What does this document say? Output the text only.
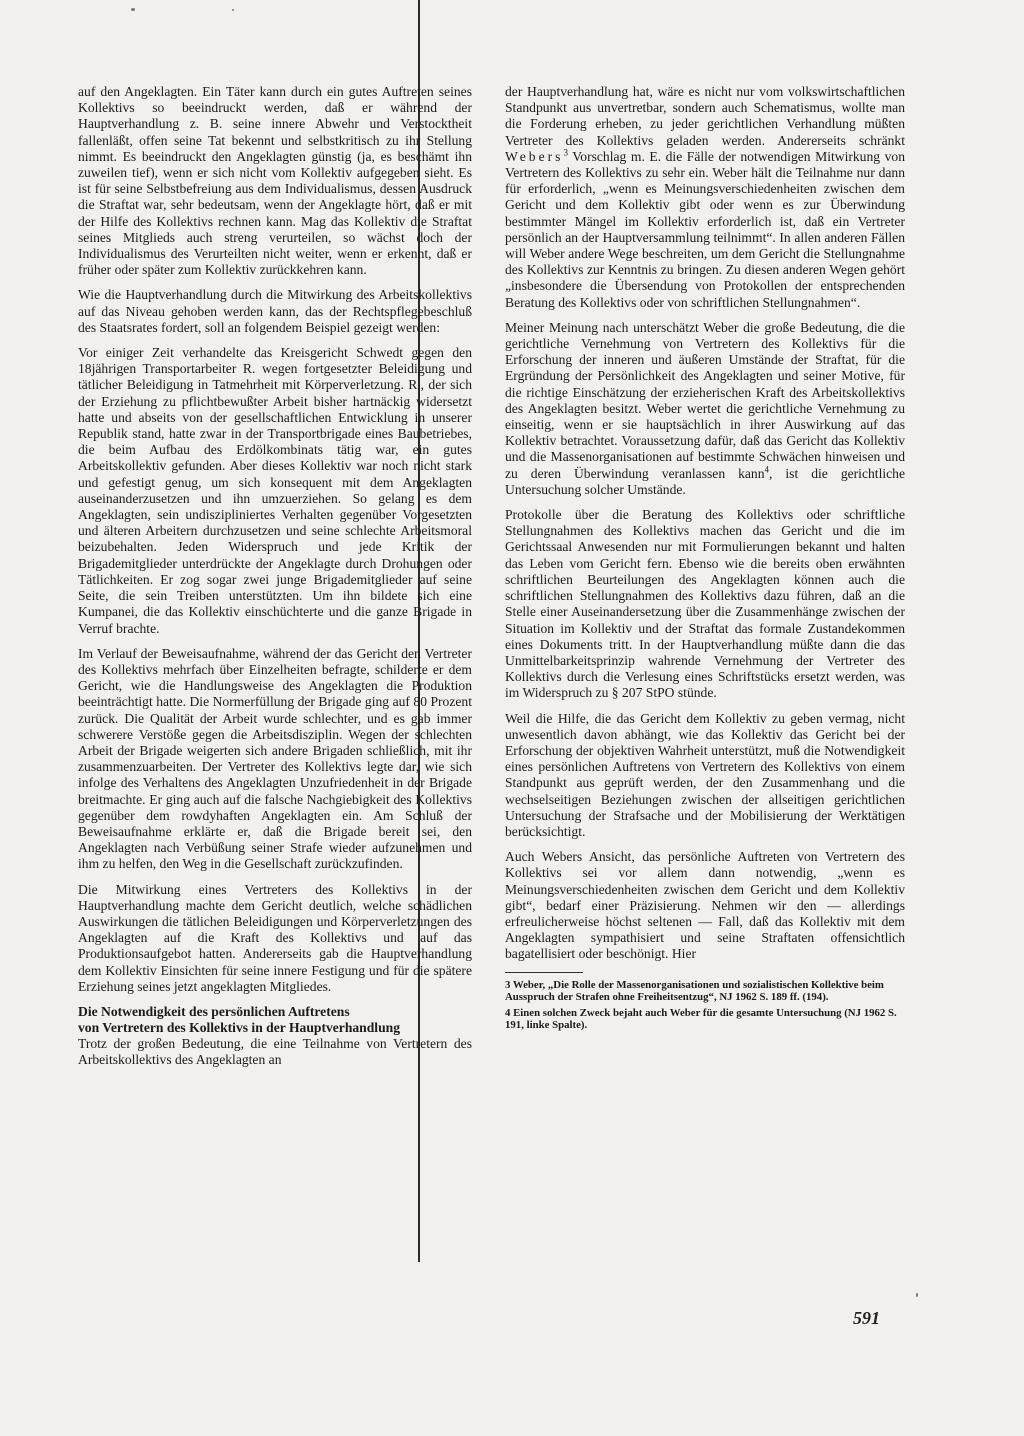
auf den Angeklagten. Ein Täter kann durch ein gutes Auftreten seines Kollektivs so beeindruckt werden, daß er während der Hauptverhandlung z. B. seine innere Abwehr und Verstocktheit fallenläßt, offen seine Tat bekennt und selbstkritisch zu ihr Stellung nimmt. Es beeindruckt den Angeklagten günstig (ja, es beschämt ihn zuweilen tief), wenn er sich nicht vom Kollektiv aufgegeben sieht. Es ist für seine Selbstbefreiung aus dem Individualismus, dessen Ausdruck die Straftat war, sehr bedeutsam, wenn der Angeklagte hört, daß er mit der Hilfe des Kollektivs rechnen kann. Mag das Kollektiv die Straftat seines Mitglieds auch streng verurteilen, so wächst doch der Individualismus des Verurteilten nicht weiter, wenn er erkennt, daß er früher oder später zum Kollektiv zurückkehren kann.

Wie die Hauptverhandlung durch die Mitwirkung des Arbeitskollektivs auf das Niveau gehoben werden kann, das der Rechtspflegebeschluß des Staatsrates fordert, soll an folgendem Beispiel gezeigt werden:

Vor einiger Zeit verhandelte das Kreisgericht Schwedt gegen den 18jährigen Transportarbeiter R. wegen fortgesetzter Beleidigung und tätlicher Beleidigung in Tatmehrheit mit Körperverletzung. R., der sich der Erziehung zu pflichtbewußter Arbeit bisher hartnäckig widersetzt hatte und abseits von der gesellschaftlichen Entwicklung in unserer Republik stand, hatte zwar in der Transportbrigade eines Baubetriebes, die beim Aufbau des Erdölkombinats tätig war, ein gutes Arbeitskollektiv gefunden. Aber dieses Kollektiv war noch nicht stark und gefestigt genug, um sich konsequent mit dem Angeklagten auseinanderzusetzen und ihn umzuerziehen. So gelang es dem Angeklagten, sein undiszipliniertes Verhalten gegenüber Vorgesetzten und älteren Arbeitern durchzusetzen und seine schlechte Arbeitsmoral beizubehalten. Jeden Widerspruch und jede Kritik der Brigademitglieder unterdrückte der Angeklagte durch Drohungen oder Tätlichkeiten. Er zog sogar zwei junge Brigademitglieder auf seine Seite, die sein Treiben unterstützten. Um ihn bildete sich eine Kumpanei, die das Kollektiv einschüchterte und die ganze Brigade in Verruf brachte.

Im Verlauf der Beweisaufnahme, während der das Gericht den Vertreter des Kollektivs mehrfach über Einzelheiten befragte, schilderte er dem Gericht, wie die Handlungsweise des Angeklagten die Produktion beeinträchtigt hatte. Die Normerfüllung der Brigade ging auf 80 Prozent zurück. Die Qualität der Arbeit wurde schlechter, und es gab immer schwerere Verstöße gegen die Arbeitsdisziplin. Wegen der schlechten Arbeit der Brigade weigerten sich andere Brigaden schließlich, mit ihr zusammenzuarbeiten. Der Vertreter des Kollektivs legte dar, wie sich infolge des Verhaltens des Angeklagten Unzufriedenheit in der Brigade breitmachte. Er ging auch auf die falsche Nachgiebigkeit des Kollektivs gegenüber dem rowdyhaften Angeklagten ein. Am Schluß der Beweisaufnahme erklärte er, daß die Brigade bereit sei, den Angeklagten nach Verbüßung seiner Strafe wieder aufzunehmen und ihm zu helfen, den Weg in die Gesellschaft zurückzufinden.

Die Mitwirkung eines Vertreters des Kollektivs in der Hauptverhandlung machte dem Gericht deutlich, welche schädlichen Auswirkungen die tätlichen Beleidigungen und Körperverletzungen des Angeklagten auf die Kraft des Kollektivs und auf das Produktionsaufgebot hatten. Andererseits gab die Hauptverhandlung dem Kollektiv Einsichten für seine innere Festigung und für die spätere Erziehung seines jetzt angeklagten Mitgliedes.

Die Notwendigkeit des persönlichen Auftretens
von Vertretern des Kollektivs in der Hauptverhandlung

Trotz der großen Bedeutung, die eine Teilnahme von Vertretern des Arbeitskollektivs des Angeklagten an

der Hauptverhandlung hat, wäre es nicht nur vom volkswirtschaftlichen Standpunkt aus unvertretbar, sondern auch Schematismus, wollte man die Forderung erheben, zu jeder gerichtlichen Verhandlung müßten Vertreter des Kollektivs geladen werden. Andererseits schränkt Webers$^3$ Vorschlag m. E. die Fälle der notwendigen Mitwirkung von Vertretern des Kollektivs zu sehr ein. Weber hält die Teilnahme nur dann für erforderlich, „wenn es Meinungsverschiedenheiten zwischen dem Gericht und dem Kollektiv gibt oder wenn es zur Überwindung bestimmter Mängel im Kollektiv erforderlich ist, daß ein Vertreter persönlich an der Hauptversammlung teilnimmt“. In allen anderen Fällen will Weber andere Wege beschreiten, um dem Gericht die Stellungnahme des Kollektivs zur Kenntnis zu bringen. Zu diesen anderen Wegen gehört „insbesondere die Übersendung von Protokollen der entsprechenden Beratung des Kollektivs oder von schriftlichen Stellungnahmen“.

Meiner Meinung nach unterschätzt Weber die große Bedeutung, die die gerichtliche Vernehmung von Vertretern des Kollektivs für die Erforschung der inneren und äußeren Umstände der Straftat, für die Ergründung der Persönlichkeit des Angeklagten und seiner Motive, für die richtige Einschätzung der erzieherischen Kraft des Arbeitskollektivs des Angeklagten besitzt. Weber wertet die gerichtliche Vernehmung zu einseitig, wenn er sie hauptsächlich in ihrer Auswirkung auf das Kollektiv betrachtet. Voraussetzung dafür, daß das Gericht das Kollektiv und die Massenorganisationen auf bestimmte Schwächen hinweisen und zu deren Überwindung veranlassen kann$^4$, ist die gerichtliche Untersuchung solcher Umstände.

Protokolle über die Beratung des Kollektivs oder schriftliche Stellungnahmen des Kollektivs machen das Gericht und die im Gerichtssaal Anwesenden nur mit Formulierungen bekannt und halten das Leben vom Gericht fern. Ebenso wie die bereits oben erwähnten schriftlichen Beurteilungen des Angeklagten können auch die schriftlichen Stellungnahmen des Kollektivs dazu führen, daß an die Stelle einer Auseinandersetzung über die Zusammenhänge zwischen der Situation im Kollektiv und der Straftat das formale Zustandekommen eines Dokuments tritt. In der Hauptverhandlung müßte dann die das Unmittelbarkeitsprinzip wahrende Vernehmung der Vertreter des Kollektivs durch die Verlesung eines Schriftstücks ersetzt werden, was im Widerspruch zu § 207 StPO stünde.

Weil die Hilfe, die das Gericht dem Kollektiv zu geben vermag, nicht unwesentlich davon abhängt, wie das Kollektiv das Gericht bei der Erforschung der objektiven Wahrheit unterstützt, muß die Notwendigkeit eines persönlichen Auftretens von Vertretern des Kollektivs von einem Standpunkt aus geprüft werden, der den Zusammenhang und die wechselseitigen Beziehungen zwischen der allseitigen gerichtlichen Untersuchung der Strafsache und der Mobilisierung der Werktätigen berücksichtigt.

Auch Webers Ansicht, das persönliche Auftreten von Vertretern des Kollektivs sei vor allem dann notwendig, „wenn es Meinungsverschiedenheiten zwischen dem Gericht und dem Kollektiv gibt“, bedarf einer Präzisierung. Nehmen wir den — allerdings erfreulicherweise höchst seltenen — Fall, daß das Kollektiv mit dem Angeklagten sympathisiert und seine Straftaten offensichtlich bagatellisiert oder beschönigt. Hier

3 Weber, „Die Rolle der Massenorganisationen und sozialistischen Kollektive beim Ausspruch der Strafen ohne Freiheitsentzug“, NJ 1962 S. 189 ff. (194).

4 Einen solchen Zweck bejaht auch Weber für die gesamte Untersuchung (NJ 1962 S. 191, linke Spalte).

591
